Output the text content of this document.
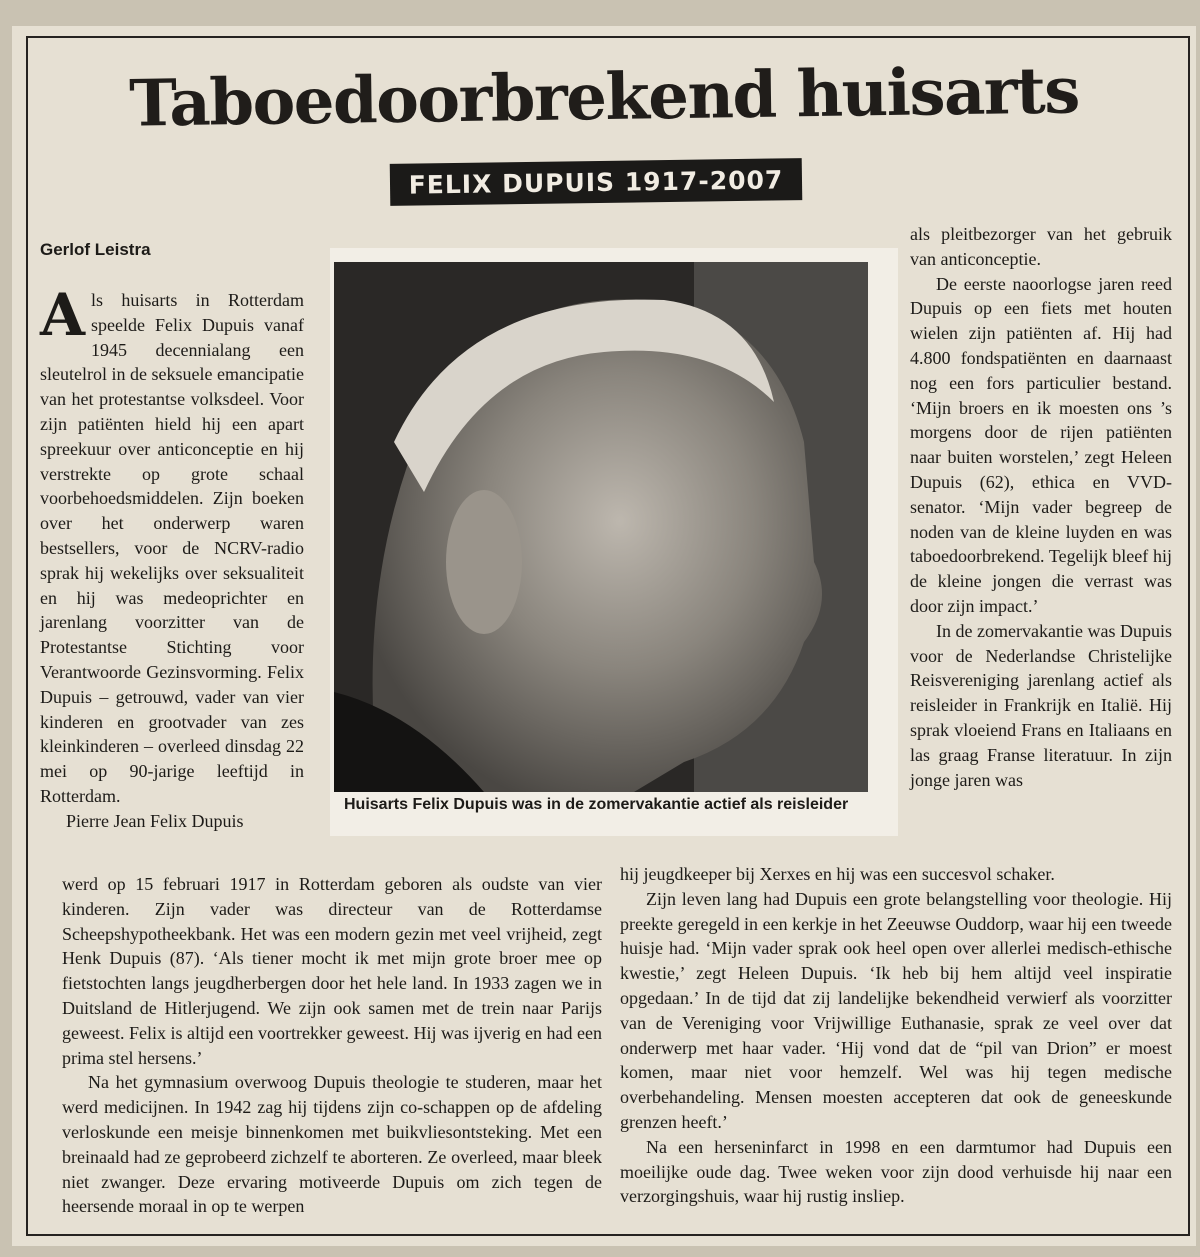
Taboedoorbrekend huisarts
FELIX DUPUIS 1917-2007
Gerlof Leistra

Als huisarts in Rotterdam speelde Felix Dupuis vanaf 1945 decennialang een sleutelrol in de seksuele emancipatie van het protestantse volksdeel. Voor zijn patiënten hield hij een apart spreekuur over anticonceptie en hij verstrekte op grote schaal voorbehoedsmiddelen. Zijn boeken over het onderwerp waren bestsellers, voor de NCRV-radio sprak hij wekelijks over seksualiteit en hij was medeoprichter en jarenlang voorzitter van de Protestantse Stichting voor Verantwoorde Gezinsvorming. Felix Dupuis – getrouwd, vader van vier kinderen en grootvader van zes kleinkinderen – overleed dinsdag 22 mei op 90-jarige leeftijd in Rotterdam.

Pierre Jean Felix Dupuis

Huisarts Felix Dupuis was in de zomervakantie actief als reisleider

als pleitbezorger van het gebruik van anticonceptie.

De eerste naoorlogse jaren reed Dupuis op een fiets met houten wielen zijn patiënten af. Hij had 4.800 fondspatiënten en daarnaast nog een fors particulier bestand. ‘Mijn broers en ik moesten ons ’s morgens door de rijen patiënten naar buiten worstelen,’ zegt Heleen Dupuis (62), ethica en VVD-senator. ‘Mijn vader begreep de noden van de kleine luyden en was taboedoorbrekend. Tegelijk bleef hij de kleine jongen die verrast was door zijn impact.’

In de zomervakantie was Dupuis voor de Nederlandse Christelijke Reisvereniging jarenlang actief als reisleider in Frankrijk en Italië. Hij sprak vloeiend Frans en Italiaans en las graag Franse literatuur. In zijn jonge jaren was

werd op 15 februari 1917 in Rotterdam geboren als oudste van vier kinderen. Zijn vader was directeur van de Rotterdamse Scheepshypotheekbank. Het was een modern gezin met veel vrijheid, zegt Henk Dupuis (87). ‘Als tiener mocht ik met mijn grote broer mee op fietstochten langs jeugdherbergen door het hele land. In 1933 zagen we in Duitsland de Hitlerjugend. We zijn ook samen met de trein naar Parijs geweest. Felix is altijd een voortrekker geweest. Hij was ijverig en had een prima stel hersens.’

Na het gymnasium overwoog Dupuis theologie te studeren, maar het werd medicijnen. In 1942 zag hij tijdens zijn co-schappen op de afdeling verloskunde een meisje binnenkomen met buikvliesontsteking. Met een breinaald had ze geprobeerd zichzelf te aborteren. Ze overleed, maar bleek niet zwanger. Deze ervaring motiveerde Dupuis om zich tegen de heersende moraal in op te werpen

hij jeugdkeeper bij Xerxes en hij was een succesvol schaker.

Zijn leven lang had Dupuis een grote belangstelling voor theologie. Hij preekte geregeld in een kerkje in het Zeeuwse Ouddorp, waar hij een tweede huisje had. ‘Mijn vader sprak ook heel open over allerlei medisch-ethische kwestie,’ zegt Heleen Dupuis. ‘Ik heb bij hem altijd veel inspiratie opgedaan.’ In de tijd dat zij landelijke bekendheid verwierf als voorzitter van de Vereniging voor Vrijwillige Euthanasie, sprak ze veel over dat onderwerp met haar vader. ‘Hij vond dat de “pil van Drion” er moest komen, maar niet voor hemzelf. Wel was hij tegen medische overbehandeling. Mensen moesten accepteren dat ook de geneeskunde grenzen heeft.’

Na een herseninfarct in 1998 en een darmtumor had Dupuis een moeilijke oude dag. Twee weken voor zijn dood verhuisde hij naar een verzorgingshuis, waar hij rustig insliep.
